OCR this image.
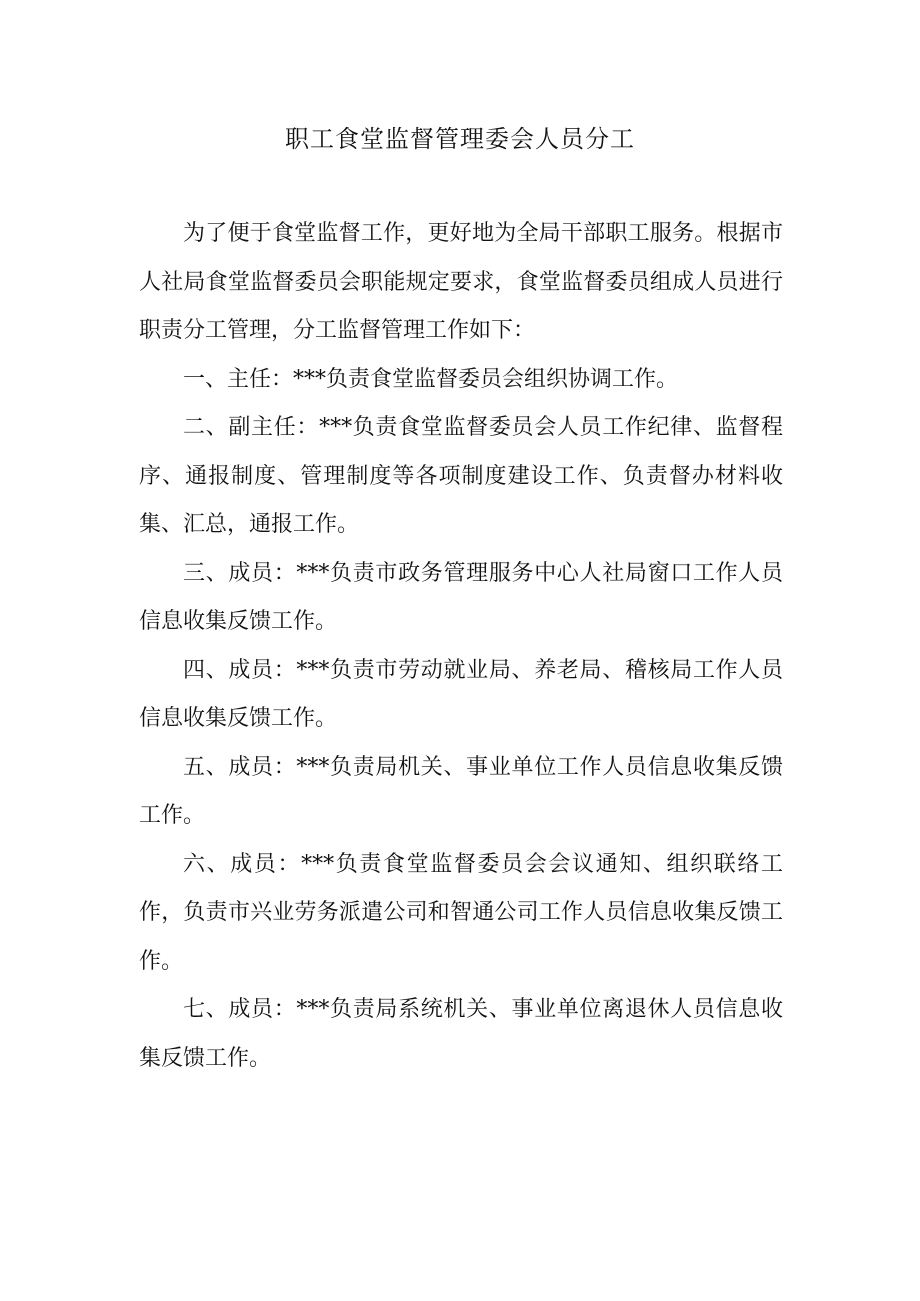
职工食堂监督管理委会人员分工

为了便于食堂监督工作，更好地为全局干部职工服务。根据市人社局食堂监督委员会职能规定要求，食堂监督委员组成人员进行职责分工管理，分工监督管理工作如下：

一、主任：***负责食堂监督委员会组织协调工作。

二、副主任：***负责食堂监督委员会人员工作纪律、监督程序、通报制度、管理制度等各项制度建设工作、负责督办材料收集、汇总，通报工作。

三、成员：***负责市政务管理服务中心人社局窗口工作人员信息收集反馈工作。

四、成员：***负责市劳动就业局、养老局、稽核局工作人员信息收集反馈工作。

五、成员：***负责局机关、事业单位工作人员信息收集反馈工作。

六、成员：***负责食堂监督委员会会议通知、组织联络工作，负责市兴业劳务派遣公司和智通公司工作人员信息收集反馈工作。

七、成员：***负责局系统机关、事业单位离退休人员信息收集反馈工作。
